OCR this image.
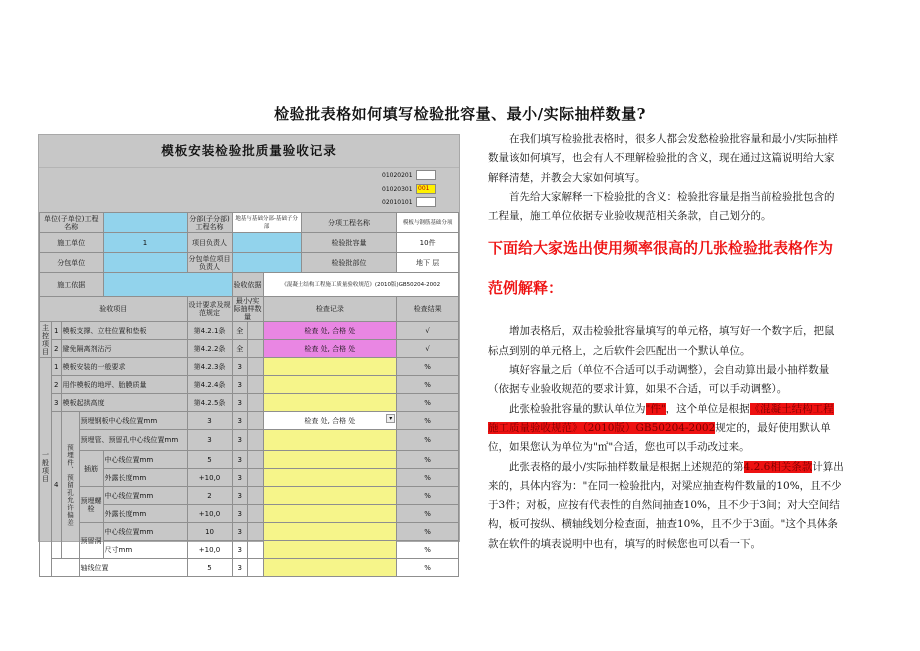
检验批表格如何填写检验批容量、最小/实际抽样数量?
模板安装检验批质量验收记录
01020201
01020301 001
02010101
单位(子单位)工程名称					分部(子分部)工程名称	地基与基础分部-基础子分部			分项工程名称	模板与钢筋基础分项
施工单位				1	项目负责人				检验批容量	10件
分包单位					分包单位项目负责人				检验批部位	地下 层
施工依据						验收依据		《混凝土结构工程施工质量验收规范》(2010版)GB50204-2002		
验收项目					设计要求及规范规定	最小/实际抽样数量		检查记录		检查结果
主控项目	1	模板支撑、立柱位置和垫板			第4.2.1条	全		检查 处, 合格 处		√
	2	避免隔离剂沾污			第4.2.2条	全		检查 处, 合格 处		√
一般项目	1	模板安装的一般要求			第4.2.3条	3				%
	2	用作模板的地坪、胎膜质量			第4.2.4条	3				%
	3	模板起拱高度			第4.2.5条	3				%
	4	预埋件、预留孔允许偏差	预埋钢板中心线位置mm		3	3		检查 处, 合格 处 ▾		%
			预埋管、预留孔中心线位置mm		3	3				%
			插筋	中心线位置mm	5	3				%
				外露长度mm	+10,0	3				%
			预埋螺栓	中心线位置mm	2	3				%
				外露长度mm	+10,0	3				%
			预留洞	中心线位置mm	10	3				%
				尺寸mm	+10,0	3				%
			轴线位置		5	3				%

在我们填写检验批表格时，很多人都会发愁检验批容量和最小/实际抽样数量该如何填写，也会有人不理解检验批的含义，现在通过这篇说明给大家解释清楚，并教会大家如何填写。

首先给大家解释一下检验批的含义：检验批容量是指当前检验批包含的工程量，施工单位依据专业验收规范相关条款，自己划分的。

下面给大家选出使用频率很高的几张检验批表格作为范例解释：

增加表格后，双击检验批容量填写的单元格，填写好一个数字后，把鼠标点到别的单元格上，之后软件会匹配出一个默认单位。

填好容量之后（单位不合适可以手动调整），会自动算出最小抽样数量（依据专业验收规范的要求计算，如果不合适，可以手动调整）。

此张检验批容量的默认单位为"件"，这个单位是根据《混凝土结构工程施工质量验收规范》（2010版）GB50204-2002规定的，最好使用默认单位，如果您认为单位为"㎡"合适，您也可以手动改过来。

此张表格的最小/实际抽样数量是根据上述规范的第4.2.6相关条款计算出来的，具体内容为："在同一检验批内，对梁应抽查构件数量的10%，且不少于3件；对板，应按有代表性的自然间抽查10%，且不少于3间；对大空间结构，板可按纵、横轴线划分检查面，抽查10%，且不少于3面。"这个具体条款在软件的填表说明中也有，填写的时候您也可以看一下。
